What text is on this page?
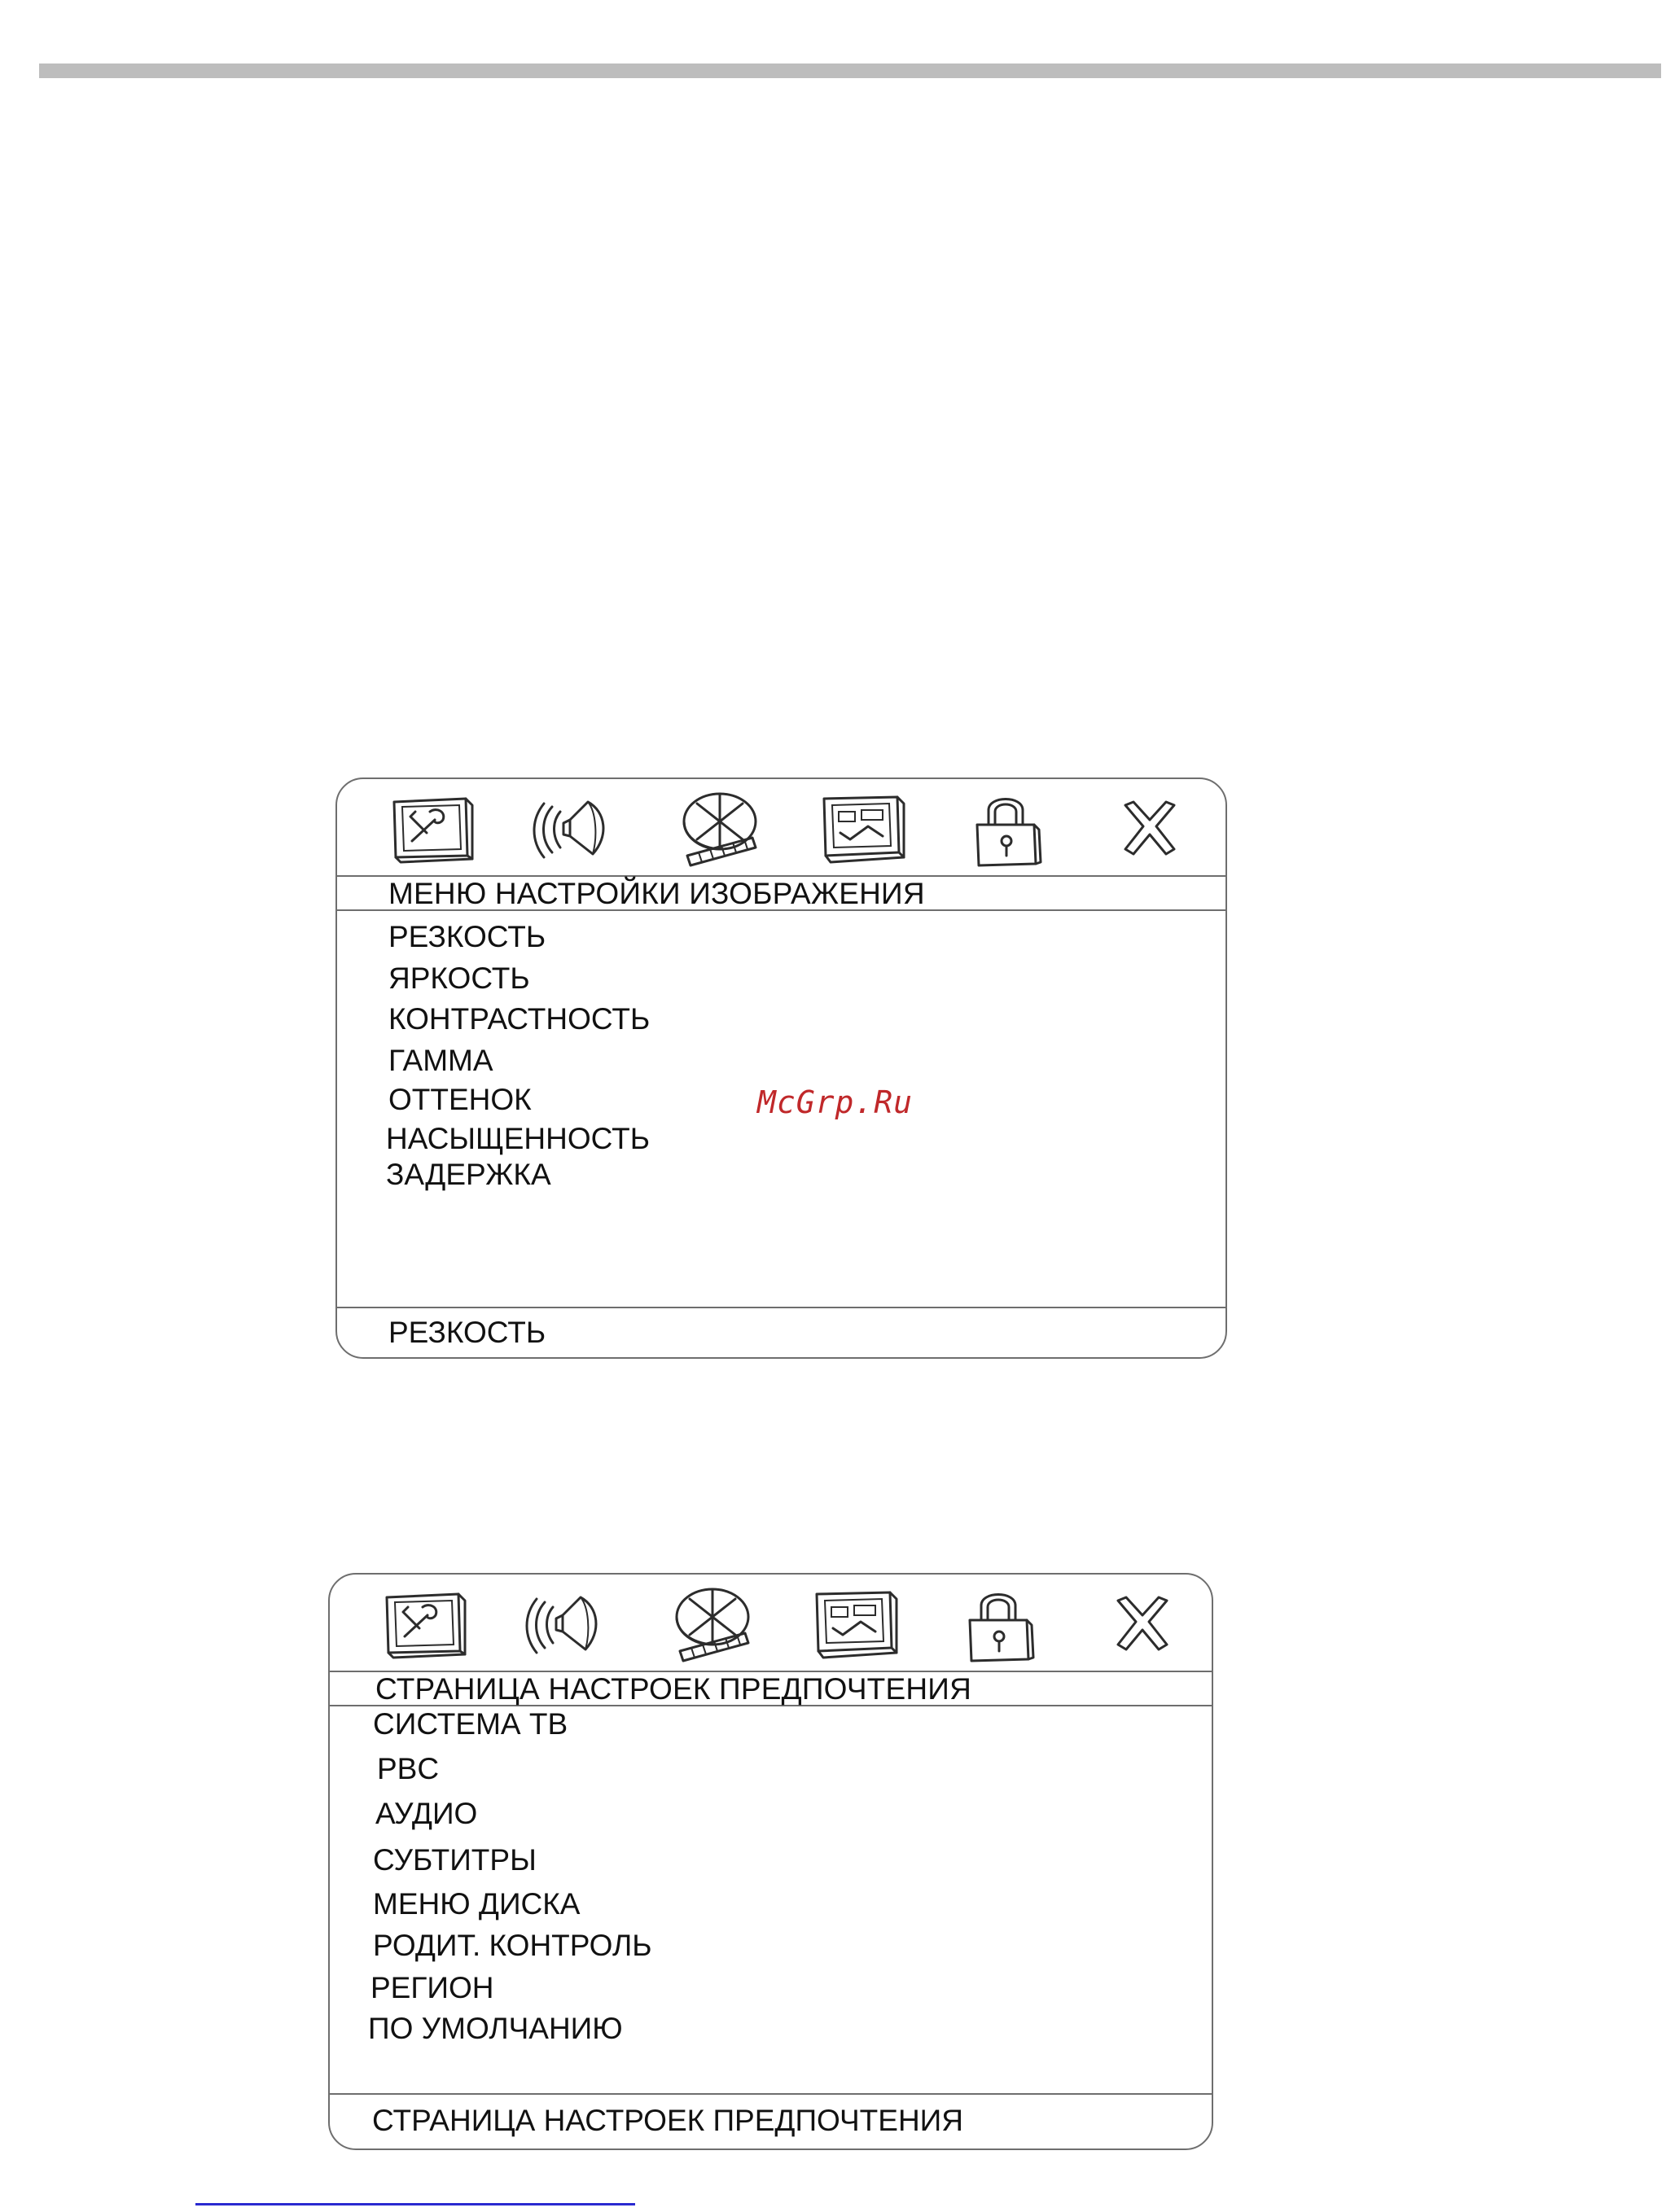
МЕНЮ НАСТРОЙКИ ИЗОБРАЖЕНИЯ
РЕЗКОСТЬ
ЯРКОСТЬ
КОНТРАСТНОСТЬ
ГАММА
ОТТЕНОК
НАСЫЩЕННОСТЬ
ЗАДЕРЖКА
РЕЗКОСТЬ
McGrp.Ru
СТРАНИЦА НАСТРОЕК ПРЕДПОЧТЕНИЯ
СИСТЕМА ТВ
PBC
АУДИО
СУБТИТРЫ
МЕНЮ ДИСКА
РОДИТ. КОНТРОЛЬ
РЕГИОН
ПО УМОЛЧАНИЮ
СТРАНИЦА НАСТРОЕК ПРЕДПОЧТЕНИЯ
